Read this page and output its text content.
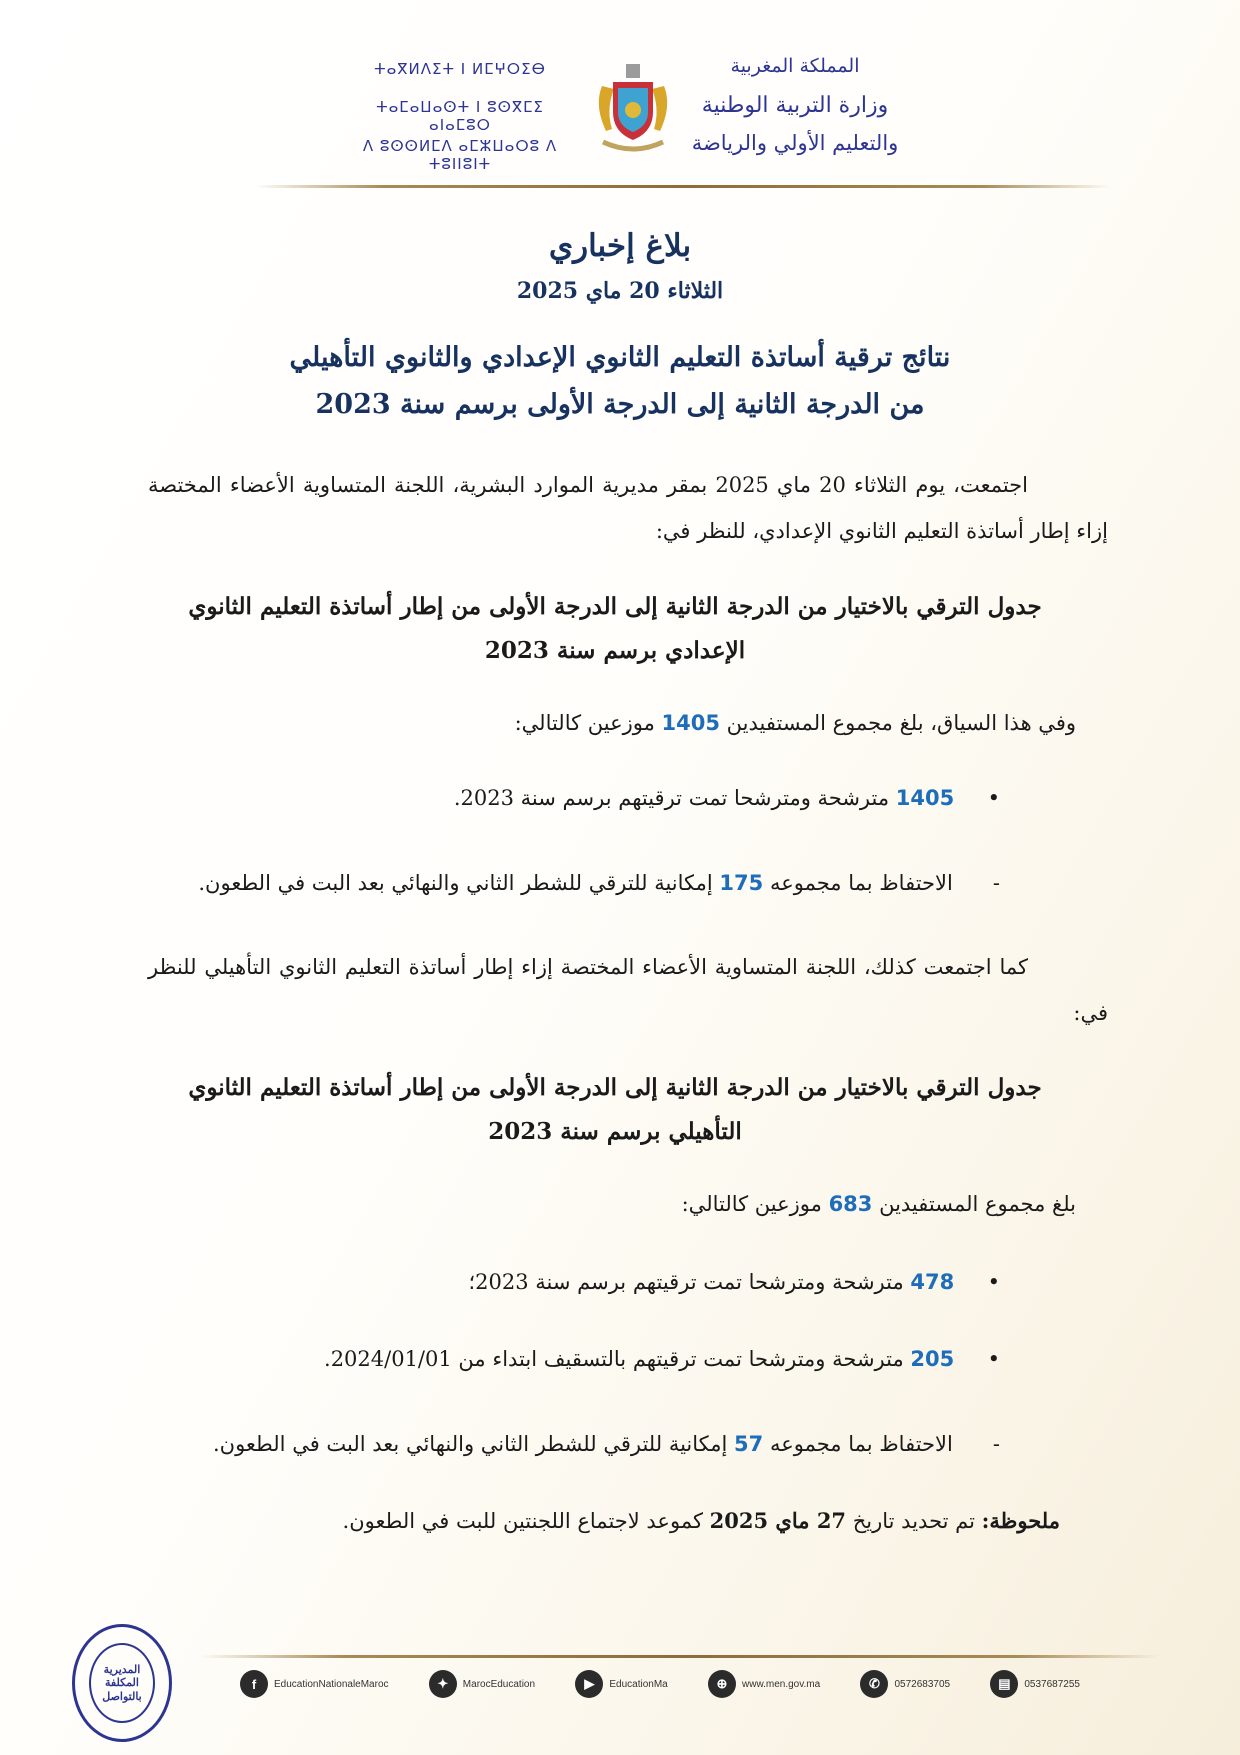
ⵜⴰⴳⵍⴷⵉⵜ ⵏ ⵍⵎⵖⵔⵉⴱ
ⵜⴰⵎⴰⵡⴰⵙⵜ ⵏ ⵓⵙⴳⵎⵉ ⴰⵏⴰⵎⵓⵔ
ⴷ ⵓⵙⵙⵍⵎⴷ ⴰⵎⵣⵡⴰⵔⵓ ⴷ ⵜⵓⵏⵏⵓⵏⵜ
المملكة المغربية
وزارة التربية الوطنية
والتعليم الأولي والرياضة
بلاغ إخباري
الثلاثاء 20 ماي 2025
نتائج ترقية أساتذة التعليم الثانوي الإعدادي والثانوي التأهيلي
من الدرجة الثانية إلى الدرجة الأولى برسم سنة 2023
اجتمعت، يوم الثلاثاء 20 ماي 2025 بمقر مديرية الموارد البشرية، اللجنة المتساوية الأعضاء المختصة إزاء إطار أساتذة التعليم الثانوي الإعدادي، للنظر في:
جدول الترقي بالاختيار من الدرجة الثانية إلى الدرجة الأولى من إطار أساتذة التعليم الثانوي
الإعدادي برسم سنة 2023
وفي هذا السياق، بلغ مجموع المستفيدين 1405 موزعين كالتالي:
•     1405 مترشحة ومترشحا تمت ترقيتهم برسم سنة 2023.
-      الاحتفاظ بما مجموعه 175 إمكانية للترقي للشطر الثاني والنهائي بعد البت في الطعون.
كما اجتمعت كذلك، اللجنة المتساوية الأعضاء المختصة إزاء إطار أساتذة التعليم الثانوي التأهيلي للنظر في:
جدول الترقي بالاختيار من الدرجة الثانية إلى الدرجة الأولى من إطار أساتذة التعليم الثانوي
التأهيلي برسم سنة 2023
بلغ مجموع المستفيدين 683 موزعين كالتالي:
•     478 مترشحة ومترشحا تمت ترقيتهم برسم سنة 2023؛
•     205 مترشحة ومترشحا تمت ترقيتهم بالتسقيف ابتداء من 2024/01/01.
-      الاحتفاظ بما مجموعه 57 إمكانية للترقي للشطر الثاني والنهائي بعد البت في الطعون.
ملحوظة: تم تحديد تاريخ 27 ماي 2025 كموعد لاجتماع اللجنتين للبت في الطعون.
المديرية المكلفة بالتواصل
f	EducationNationaleMaroc	✦	MarocEducation	▶	EducationMa	⊕	www.men.gov.ma	✆	0572683705	▤	0537687255
